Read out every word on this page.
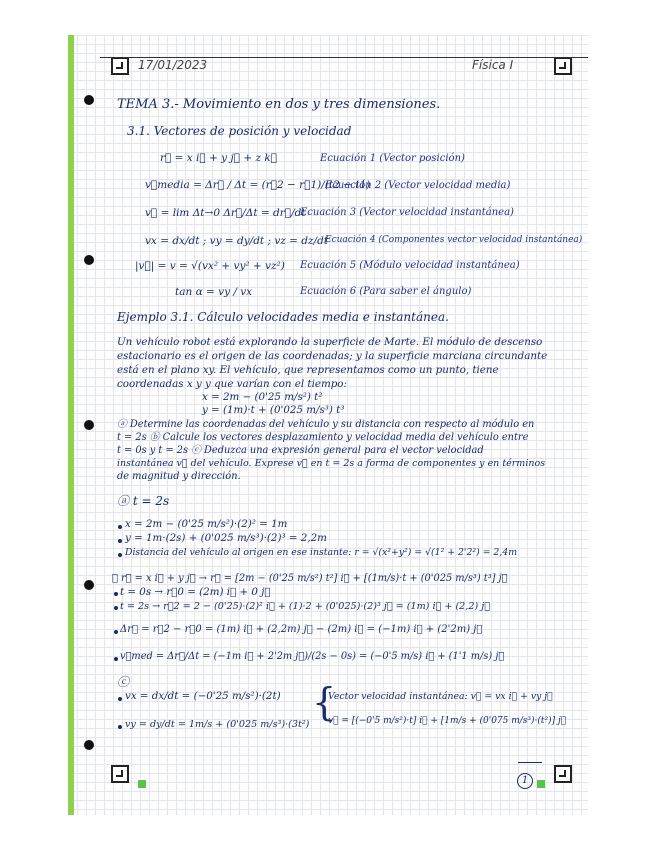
17/01/2023	Física I
TEMA 3.- Movimiento en dos y tres dimensiones.
3.1. Vectores de posición y velocidad
r⃗ = x i⃗ + y j⃗ + z k⃗	Ecuación 1 (Vector posición)
v⃗media = Δr⃗ / Δt = (r⃗2 − r⃗1)/(t2 − t1)
Ecuación 2 (Vector velocidad media)
v⃗ = lim Δt→0 Δr⃗/Δt = dr⃗/dt
Ecuación 3 (Vector velocidad instantánea)
vx = dx/dt ; vy = dy/dt ; vz = dz/dt
Ecuación 4 (Componentes vector velocidad instantánea)
|v⃗| = v = √(vx² + vy² + vz²) Ecuación 5 (Módulo velocidad instantánea)
tan α = vy / vx	Ecuación 6 (Para saber el ángulo)
Ejemplo 3.1. Cálculo velocidades media e instantánea.
Un vehículo robot está explorando la superficie de Marte. El módulo de descenso
estacionario es el origen de las coordenadas; y la superficie marciana circundante
está en el plano xy. El vehículo, que representamos como un punto, tiene
coordenadas x y y que varían con el tiempo:
x = 2m − (0'25 m/s²) t²
y = (1m)·t + (0'025 m/s³) t³
ⓐ Determine las coordenadas del vehículo y su distancia con respecto al módulo en
t = 2s ⓑ Calcule los vectores desplazamiento y velocidad media del vehículo entre
t = 0s y t = 2s ⓒ Deduzca una expresión general para el vector velocidad
instantánea v⃗ del vehículo. Exprese v⃗ en t = 2s a forma de componentes y en términos
de magnitud y dirección.
ⓐ t = 2s
x = 2m − (0'25 m/s²)·(2)² = 1m
y = 1m·(2s) + (0'025 m/s³)·(2)³ = 2,2m
Distancia del vehículo al origen en ese instante: r = √(x²+y²) = √(1² + 2'2²) = 2,4m
ⓑ r⃗ = x i⃗ + y j⃗ → r⃗ = [2m − (0'25 m/s²) t²] i⃗ + [(1m/s)·t + (0'025 m/s³) t³] j⃗
t = 0s → r⃗0 = (2m) i⃗ + 0 j⃗
t = 2s → r⃗2 = 2 − (0'25)·(2)² i⃗ + (1)·2 + (0'025)·(2)³ j⃗ = (1m) i⃗ + (2,2) j⃗
Δr⃗ = r⃗2 − r⃗0 = (1m) i⃗ + (2,2m) j⃗ − (2m) i⃗ = (−1m) i⃗ + (2'2m) j⃗
v⃗med = Δr⃗/Δt = (−1m i⃗ + 2'2m j⃗)/(2s − 0s) = (−0'5 m/s) i⃗ + (1'1 m/s) j⃗
ⓒ
vx = dx/dt = (−0'25 m/s²)·(2t)
vy = dy/dt = 1m/s + (0'025 m/s³)·(3t²)
{
Vector velocidad instantánea: v⃗ = vx i⃗ + vy j⃗
v⃗ = [(−0'5 m/s²)·t] i⃗ + [1m/s + (0'075 m/s³)·(t²)] j⃗
1
